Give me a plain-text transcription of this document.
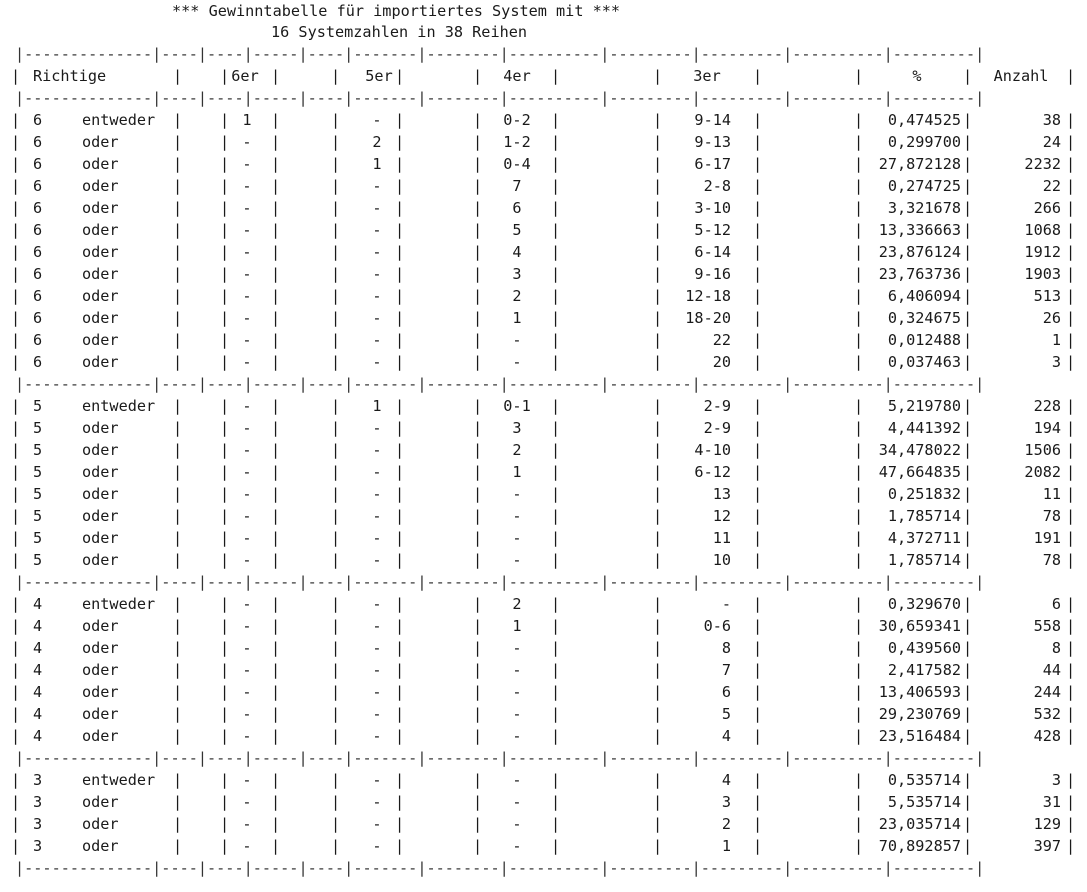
*** Gewinntabelle für importiertes System mit ***
16 Systemzahlen in 38 Reihen
|--------------|----|----|-----|----|-------|--------|----------|---------|---------|----------|---------|
|	| |	|	|	|	|	|	|	|	|	|	|
Richtige	6er	5er	4er	3er	%	Anzahl
|--------------|----|----|-----|----|-------|--------|----------|---------|---------|----------|---------|
|	|
| |	|	|	|	|	|	|	|	|	|
6	entweder	1	-	0-2	9-14	0,474525	38
|	|
| |	|	|	|	|	|	|	|	|	|
6	oder	-	2	1-2	9-13	0,299700	24
|	|
| |	|	|	|	|	|	|	|	|	|
6	oder	-	1	0-4	6-17	27,872128	2232
|	|
| |	|	|	|	|	|	|	|	|	|
6	oder	-	-	7	2-8	0,274725	22
|	|
| |	|	|	|	|	|	|	|	|	|
6	oder	-	-	6	3-10	3,321678	266
|	|
| |	|	|	|	|	|	|	|	|	|
6	oder	-	-	5	5-12	13,336663	1068
|	|
| |	|	|	|	|	|	|	|	|	|
6	oder	-	-	4	6-14	23,876124	1912
|	|
| |	|	|	|	|	|	|	|	|	|
6	oder	-	-	3	9-16	23,763736	1903
|	|
| |	|	|	|	|	|	|	|	|	|
6	oder	-	-	2	12-18	6,406094	513
|	|
| |	|	|	|	|	|	|	|	|	|
6	oder	-	-	1	18-20	0,324675	26
|	|
| |	|	|	|	|	|	|	|	|	|
6	oder	-	-	-	22	0,012488	1
|	|
| |	|	|	|	|	|	|	|	|	|
6	oder	-	-	-	20	0,037463	3
|--------------|----|----|-----|----|-------|--------|----------|---------|---------|----------|---------|
|	|
| |	|	|	|	|	|	|	|	|	|
5	entweder	-	1	0-1	2-9	5,219780	228
|	|
| |	|	|	|	|	|	|	|	|	|
5	oder	-	-	3	2-9	4,441392	194
|	|
| |	|	|	|	|	|	|	|	|	|
5	oder	-	-	2	4-10	34,478022	1506
|	|
| |	|	|	|	|	|	|	|	|	|
5	oder	-	-	1	6-12	47,664835	2082
|	|
| |	|	|	|	|	|	|	|	|	|
5	oder	-	-	-	13	0,251832	11
|	|
| |	|	|	|	|	|	|	|	|	|
5	oder	-	-	-	12	1,785714	78
|	|
| |	|	|	|	|	|	|	|	|	|
5	oder	-	-	-	11	4,372711	191
|	|
| |	|	|	|	|	|	|	|	|	|
5	oder	-	-	-	10	1,785714	78
|--------------|----|----|-----|----|-------|--------|----------|---------|---------|----------|---------|
|	|
| |	|	|	|	|	|	|	|	|	|
4	entweder	-	-	2	-	0,329670	6
|	|
| |	|	|	|	|	|	|	|	|	|
4	oder	-	-	1	0-6	30,659341	558
|	|
| |	|	|	|	|	|	|	|	|	|
4	oder	-	-	-	8	0,439560	8
|	|
| |	|	|	|	|	|	|	|	|	|
4	oder	-	-	-	7	2,417582	44
|	|
| |	|	|	|	|	|	|	|	|	|
4	oder	-	-	-	6	13,406593	244
|	|
| |	|	|	|	|	|	|	|	|	|
4	oder	-	-	-	5	29,230769	532
|	|
| |	|	|	|	|	|	|	|	|	|
4	oder	-	-	-	4	23,516484	428
|--------------|----|----|-----|----|-------|--------|----------|---------|---------|----------|---------|
|	|
| |	|	|	|	|	|	|	|	|	|
3	entweder	-	-	-	4	0,535714	3
|	|
| |	|	|	|	|	|	|	|	|	|
3	oder	-	-	-	3	5,535714	31
|	|
| |	|	|	|	|	|	|	|	|	|
3	oder	-	-	-	2	23,035714	129
|	|
| |	|	|	|	|	|	|	|	|	|
3	oder	-	-	-	1	70,892857	397
|--------------|----|----|-----|----|-------|--------|----------|---------|---------|----------|---------|
